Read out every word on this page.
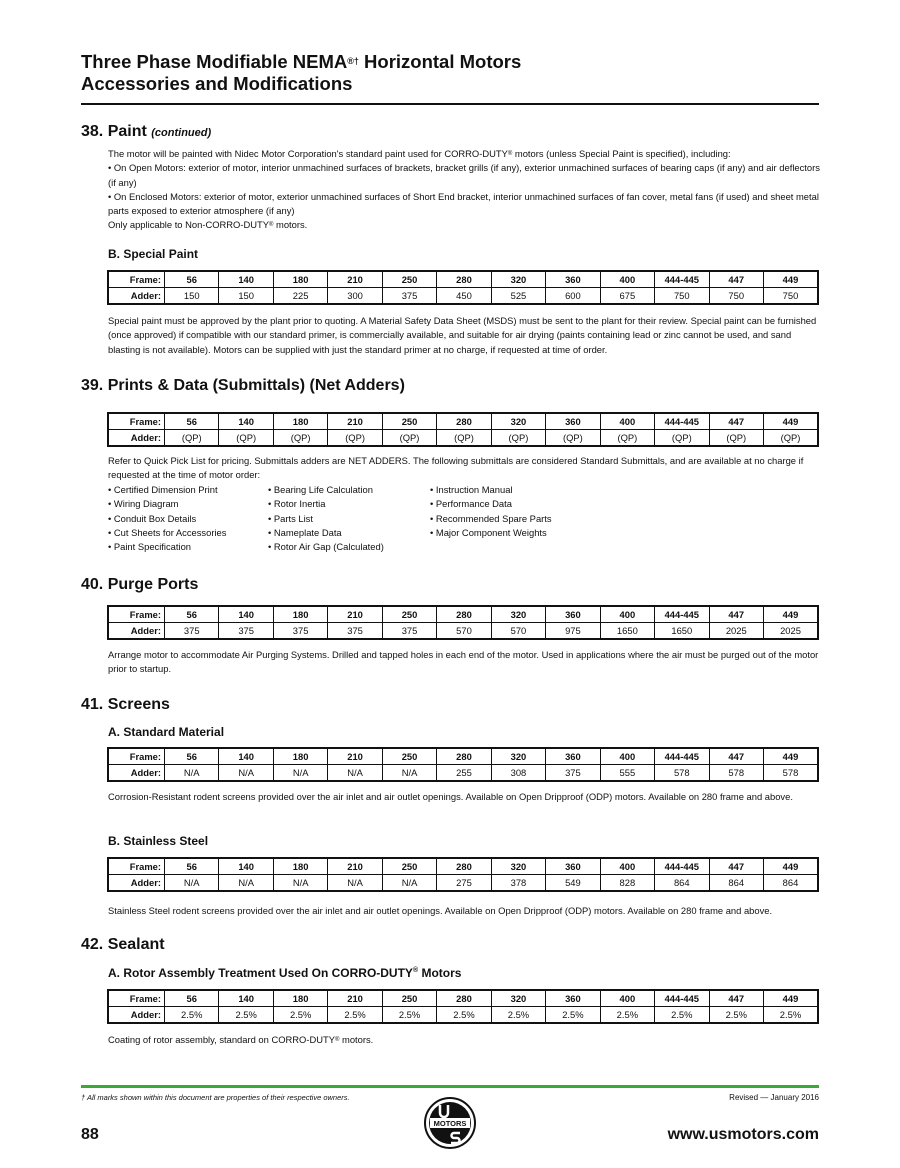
Three Phase Modifiable NEMA®† Horizontal Motors
Accessories and Modifications
38. Paint (continued)
The motor will be painted with Nidec Motor Corporation's standard paint used for CORRO-DUTY® motors (unless Special Paint is specified), including:
• On Open Motors: exterior of motor, interior unmachined surfaces of brackets, bracket grills (if any), exterior unmachined surfaces of bearing caps (if any) and air deflectors (if any)
• On Enclosed Motors: exterior of motor, exterior unmachined surfaces of Short End bracket, interior unmachined surfaces of fan cover, metal fans (if used) and sheet metal parts exposed to exterior atmosphere (if any)
Only applicable to Non-CORRO-DUTY® motors.
B. Special Paint
Frame:	56	140	180	210	250	280	320	360	400	444-445	447	449
Adder:	150	150	225	300	375	450	525	600	675	750	750	750
Special paint must be approved by the plant prior to quoting. A Material Safety Data Sheet (MSDS) must be sent to the plant for their review. Special paint can be furnished (once approved) if compatible with our standard primer, is commercially available, and suitable for air drying (paints containing lead or zinc cannot be used, and sand blasting is not available). Motors can be supplied with just the standard primer at no charge, if requested at time of order.
39. Prints & Data (Submittals) (Net Adders)
Frame:	56	140	180	210	250	280	320	360	400	444-445	447	449
Adder:	(QP)	(QP)	(QP)	(QP)	(QP)	(QP)	(QP)	(QP)	(QP)	(QP)	(QP)	(QP)
Refer to Quick Pick List for pricing. Submittals adders are NET ADDERS. The following submittals are considered Standard Submittals, and are available at no charge if requested at the time of motor order:
• Certified Dimension Print
• Wiring Diagram
• Conduit Box Details
• Cut Sheets for Accessories
• Paint Specification
• Bearing Life Calculation
• Rotor Inertia
• Parts List
• Nameplate Data
• Rotor Air Gap (Calculated)
• Instruction Manual
• Performance Data
• Recommended Spare Parts
• Major Component Weights
40. Purge Ports
Frame:	56	140	180	210	250	280	320	360	400	444-445	447	449
Adder:	375	375	375	375	375	570	570	975	1650	1650	2025	2025
Arrange motor to accommodate Air Purging Systems. Drilled and tapped holes in each end of the motor. Used in applications where the air must be purged out of the motor prior to startup.
41. Screens
A. Standard Material
Frame:	56	140	180	210	250	280	320	360	400	444-445	447	449
Adder:	N/A	N/A	N/A	N/A	N/A	255	308	375	555	578	578	578
Corrosion-Resistant rodent screens provided over the air inlet and air outlet openings. Available on Open Dripproof (ODP) motors. Available on 280 frame and above.
B. Stainless Steel
Frame:	56	140	180	210	250	280	320	360	400	444-445	447	449
Adder:	N/A	N/A	N/A	N/A	N/A	275	378	549	828	864	864	864
Stainless Steel rodent screens provided over the air inlet and air outlet openings. Available on Open Dripproof (ODP) motors. Available on 280 frame and above.
42. Sealant
A. Rotor Assembly Treatment Used On CORRO-DUTY® Motors
Frame:	56	140	180	210	250	280	320	360	400	444-445	447	449
Adder:	2.5%	2.5%	2.5%	2.5%	2.5%	2.5%	2.5%	2.5%	2.5%	2.5%	2.5%	2.5%
Coating of rotor assembly, standard on CORRO-DUTY® motors.
† All marks shown within this document are properties of their respective owners.	Revised — January 2016
88	www.usmotors.com
MOTORS
